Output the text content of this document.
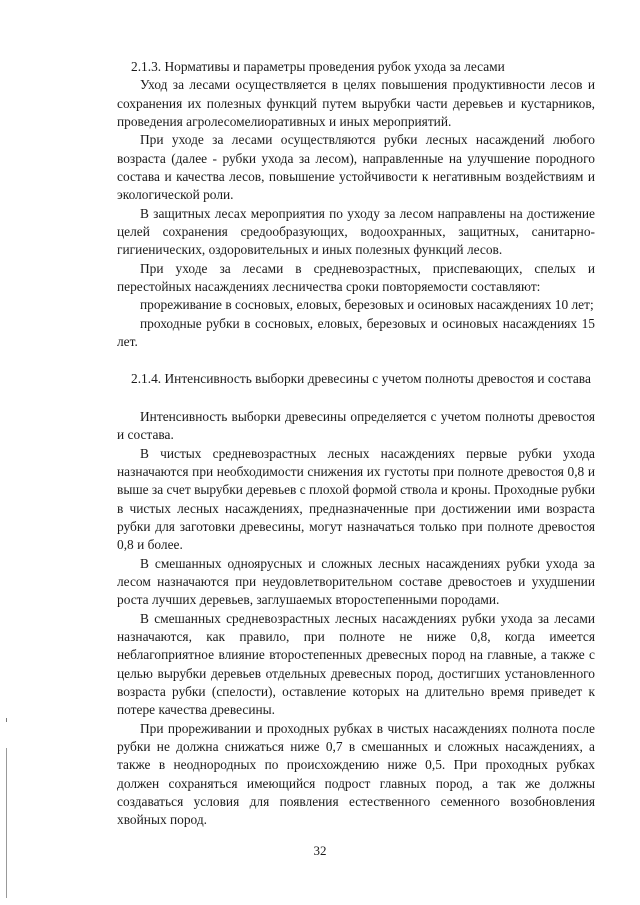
2.1.3. Нормативы и параметры проведения рубок ухода за лесами

Уход за лесами осуществляется в целях повышения продуктивности лесов и сохранения их полезных функций путем вырубки части деревьев и кустарников, проведения агролесомелиоративных и иных мероприятий.

При уходе за лесами осуществляются рубки лесных насаждений любого возраста (далее - рубки ухода за лесом), направленные на улучшение породного состава и качества лесов, повышение устойчивости к негативным воздействиям и экологической роли.

В защитных лесах мероприятия по уходу за лесом направлены на достижение целей сохранения средообразующих, водоохранных, защитных, санитарно-гигиенических, оздоровительных и иных полезных функций лесов.

При уходе за лесами в средневозрастных, приспевающих, спелых и перестойных насаждениях лесничества сроки повторяемости составляют:

прореживание в сосновых, еловых, березовых и осиновых насаждениях 10 лет;

проходные рубки в сосновых, еловых, березовых и осиновых насаждениях 15 лет.

2.1.4. Интенсивность выборки древесины с учетом полноты древостоя и состава

Интенсивность выборки древесины определяется с учетом полноты древостоя и состава.

В чистых средневозрастных лесных насаждениях первые рубки ухода назначаются при необходимости снижения их густоты при полноте древостоя 0,8 и выше за счет вырубки деревьев с плохой формой ствола и кроны. Проходные рубки в чистых лесных насаждениях, предназначенные при достижении ими возраста рубки для заготовки древесины, могут назначаться только при полноте древостоя 0,8 и более.

В смешанных одноярусных и сложных лесных насаждениях рубки ухода за лесом назначаются при неудовлетворительном составе древостоев и ухудшении роста лучших деревьев, заглушаемых второстепенными породами.

В смешанных средневозрастных лесных насаждениях рубки ухода за лесами назначаются, как правило, при полноте не ниже 0,8, когда имеется неблагоприятное влияние второстепенных древесных пород на главные, а также с целью вырубки деревьев отдельных древесных пород, достигших установленного возраста рубки (спелости), оставление которых на длительно время приведет к потере качества древесины.

При прореживании и проходных рубках в чистых насаждениях полнота после рубки не должна снижаться ниже 0,7 в смешанных и сложных насаждениях, а также в неоднородных по происхождению ниже 0,5. При проходных рубках должен сохраняться имеющийся подрост главных пород, а так же должны создаваться условия для появления естественного семенного возобновления хвойных пород.

32
